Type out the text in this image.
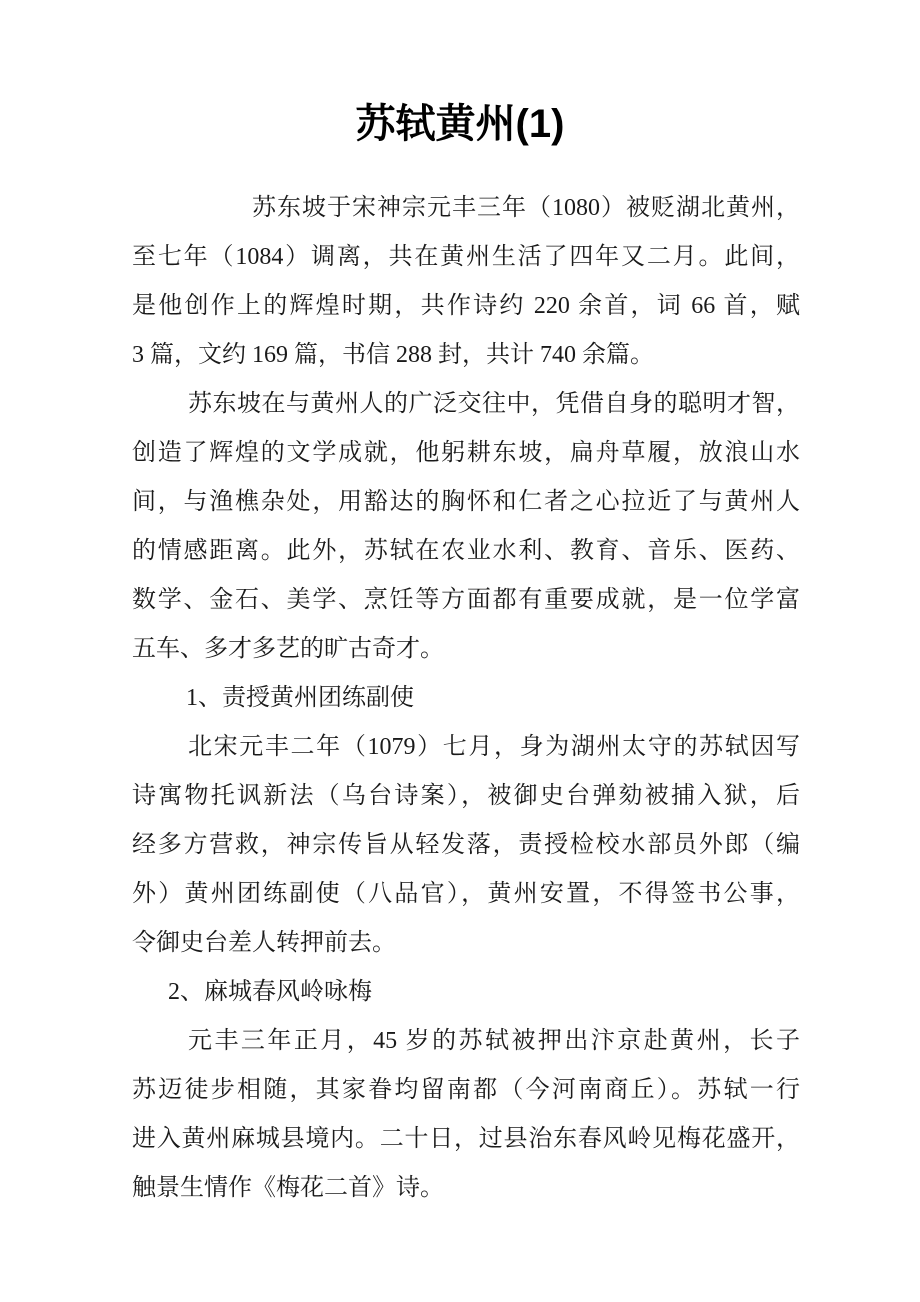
苏轼黄州(1)
苏东坡于宋神宗元丰三年（1080）被贬湖北黄州，
至七年（1084）调离，共在黄州生活了四年又二月。此间，
是他创作上的辉煌时期，共作诗约 220 余首，词 66 首，赋
3 篇，文约 169 篇，书信 288 封，共计 740 余篇。
苏东坡在与黄州人的广泛交往中，凭借自身的聪明才智，
创造了辉煌的文学成就，他躬耕东坡，扁舟草履，放浪山水
间，与渔樵杂处，用豁达的胸怀和仁者之心拉近了与黄州人
的情感距离。此外，苏轼在农业水利、教育、音乐、医药、
数学、金石、美学、烹饪等方面都有重要成就，是一位学富
五车、多才多艺的旷古奇才。
1、责授黄州团练副使
北宋元丰二年（1079）七月，身为湖州太守的苏轼因写
诗寓物托讽新法（乌台诗案），被御史台弹劾被捕入狱，后
经多方营救，神宗传旨从轻发落，责授检校水部员外郎（编
外）黄州团练副使（八品官），黄州安置，不得签书公事，
令御史台差人转押前去。
2、麻城春风岭咏梅
元丰三年正月，45 岁的苏轼被押出汴京赴黄州，长子
苏迈徒步相随，其家眷均留南都（今河南商丘）。苏轼一行
进入黄州麻城县境内。二十日，过县治东春风岭见梅花盛开，
触景生情作《梅花二首》诗。
